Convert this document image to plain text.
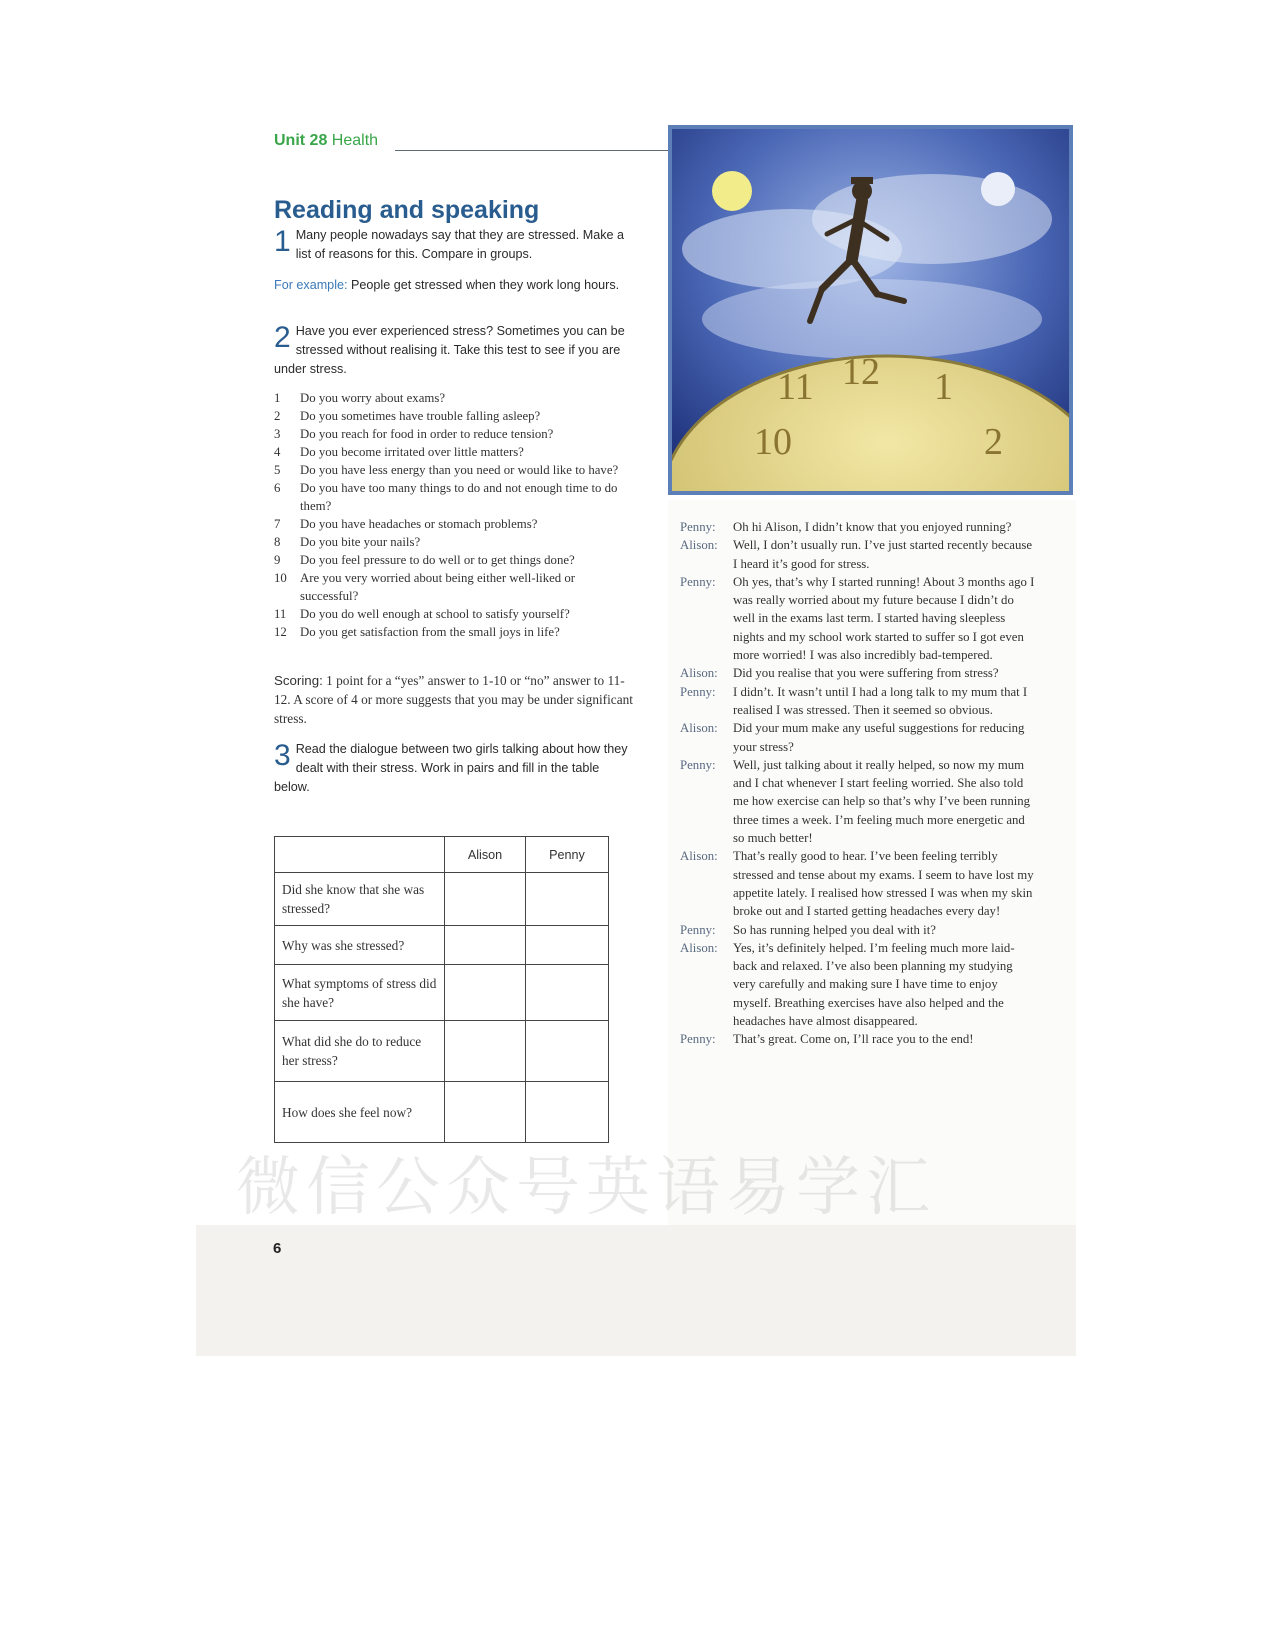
Unit 28 Health
Reading and speaking
1 Many people nowadays say that they are stressed. Make a list of reasons for this. Compare in groups.
For example: People get stressed when they work long hours.
2 Have you ever experienced stress? Sometimes you can be stressed without realising it. Take this test to see if you are under stress.
1	Do you worry about exams?
2	Do you sometimes have trouble falling asleep?
3	Do you reach for food in order to reduce tension?
4	Do you become irritated over little matters?
5	Do you have less energy than you need or would like to have?
6	Do you have too many things to do and not enough time to do them?
7	Do you have headaches or stomach problems?
8	Do you bite your nails?
9	Do you feel pressure to do well or to get things done?
10	Are you very worried about being either well-liked or successful?
11	Do you do well enough at school to satisfy yourself?
12	Do you get satisfaction from the small joys in life?
Scoring: 1 point for a “yes” answer to 1-10 or “no” answer to 11-12. A score of 4 or more suggests that you may be under significant stress.
3 Read the dialogue between two girls talking about how they dealt with their stress. Work in pairs and fill in the table below.
	Alison	Penny
Did she know that she was stressed?		
Why was she stressed?		
What symptoms of stress did she have?		
What did she do to reduce her stress?		
How does she feel now?		
10
11 12 1
2
Penny:	Oh hi Alison, I didn’t know that you enjoyed running?
Alison:	Well, I don’t usually run. I’ve just started recently because I heard it’s good for stress.
Penny:	Oh yes, that’s why I started running! About 3 months ago I was really worried about my future because I didn’t do well in the exams last term. I started having sleepless nights and my school work started to suffer so I got even more worried! I was also incredibly bad-tempered.
Alison:	Did you realise that you were suffering from stress?
Penny:	I didn’t. It wasn’t until I had a long talk to my mum that I realised I was stressed. Then it seemed so obvious.
Alison:	Did your mum make any useful suggestions for reducing your stress?
Penny:	Well, just talking about it really helped, so now my mum and I chat whenever I start feeling worried. She also told me how exercise can help so that’s why I’ve been running three times a week. I’m feeling much more energetic and so much better!
Alison:	That’s really good to hear. I’ve been feeling terribly stressed and tense about my exams. I seem to have lost my appetite lately. I realised how stressed I was when my skin broke out and I started getting headaches every day!
Penny:	So has running helped you deal with it?
Alison:	Yes, it’s definitely helped. I’m feeling much more laid-back and relaxed. I’ve also been planning my studying very carefully and making sure I have time to enjoy myself. Breathing exercises have also helped and the headaches have almost disappeared.
Penny:	That’s great. Come on, I’ll race you to the end!
微信公众号英语易学汇
6
